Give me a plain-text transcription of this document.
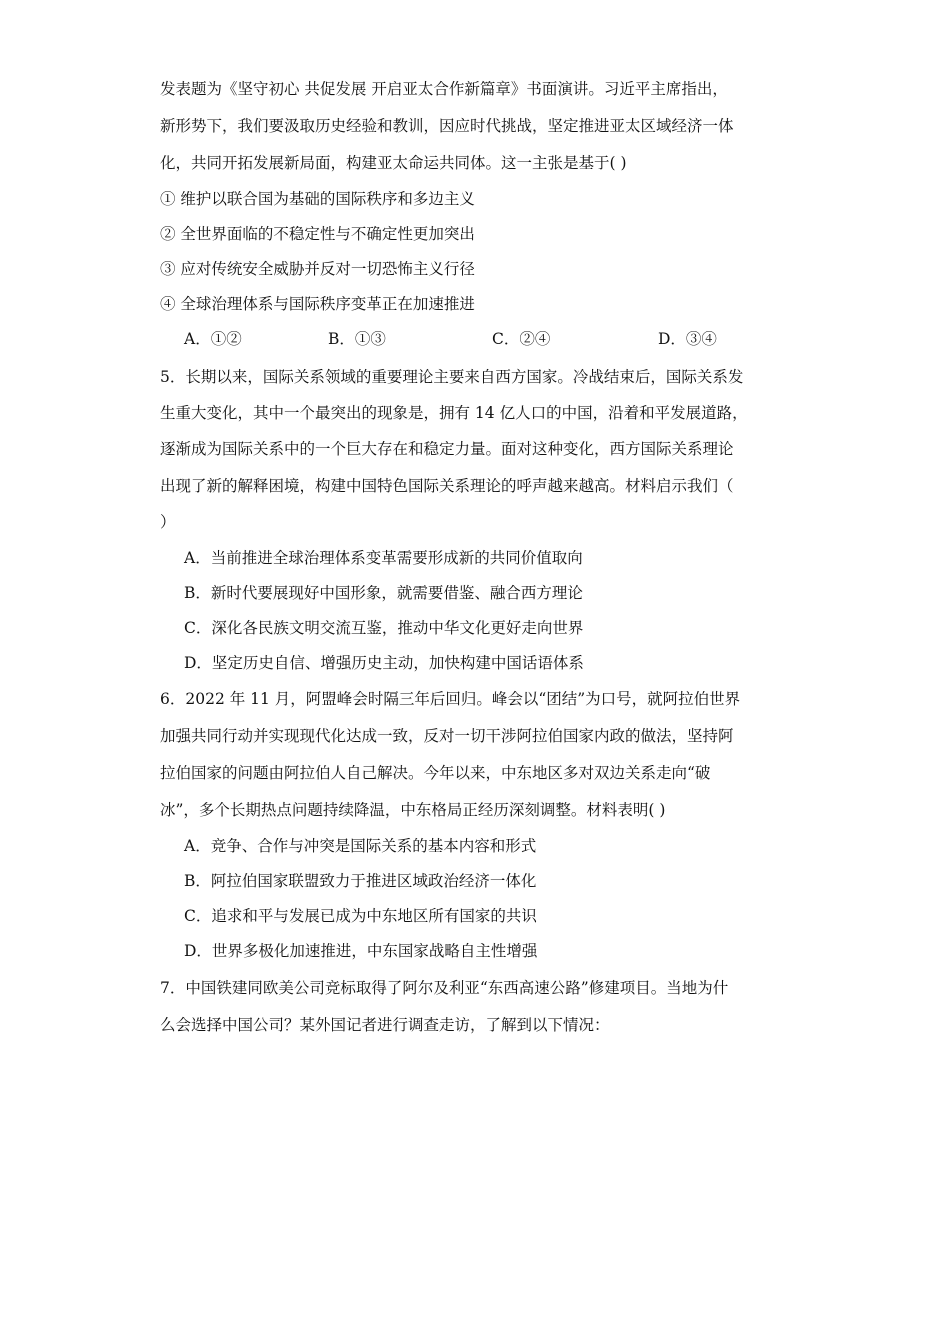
发表题为《坚守初心 共促发展 开启亚太合作新篇章》书面演讲。习近平主席指出，
新形势下，我们要汲取历史经验和教训，因应时代挑战，坚定推进亚太区域经济一体
化，共同开拓发展新局面，构建亚太命运共同体。这一主张是基于( )
① 维护以联合国为基础的国际秩序和多边主义
② 全世界面临的不稳定性与不确定性更加突出
③ 应对传统安全威胁并反对一切恐怖主义行径
④ 全球治理体系与国际秩序变革正在加速推进
A．①②	B．①③	C．②④	D．③④
5．长期以来，国际关系领域的重要理论主要来自西方国家。冷战结束后，国际关系发
生重大变化，其中一个最突出的现象是，拥有 14 亿人口的中国，沿着和平发展道路，
逐渐成为国际关系中的一个巨大存在和稳定力量。面对这种变化，西方国际关系理论
出现了新的解释困境，构建中国特色国际关系理论的呼声越来越高。材料启示我们（
）
A．当前推进全球治理体系变革需要形成新的共同价值取向
B．新时代要展现好中国形象，就需要借鉴、融合西方理论
C．深化各民族文明交流互鉴，推动中华文化更好走向世界
D．坚定历史自信、增强历史主动，加快构建中国话语体系
6．2022 年 11 月，阿盟峰会时隔三年后回归。峰会以“团结”为口号，就阿拉伯世界
加强共同行动并实现现代化达成一致，反对一切干涉阿拉伯国家内政的做法，坚持阿
拉伯国家的问题由阿拉伯人自己解决。今年以来，中东地区多对双边关系走向“破
冰”，多个长期热点问题持续降温，中东格局正经历深刻调整。材料表明( )
A．竞争、合作与冲突是国际关系的基本内容和形式
B．阿拉伯国家联盟致力于推进区域政治经济一体化
C．追求和平与发展已成为中东地区所有国家的共识
D．世界多极化加速推进，中东国家战略自主性增强
7．中国铁建同欧美公司竞标取得了阿尔及利亚“东西高速公路”修建项目。当地为什
么会选择中国公司？某外国记者进行调查走访，了解到以下情况：
